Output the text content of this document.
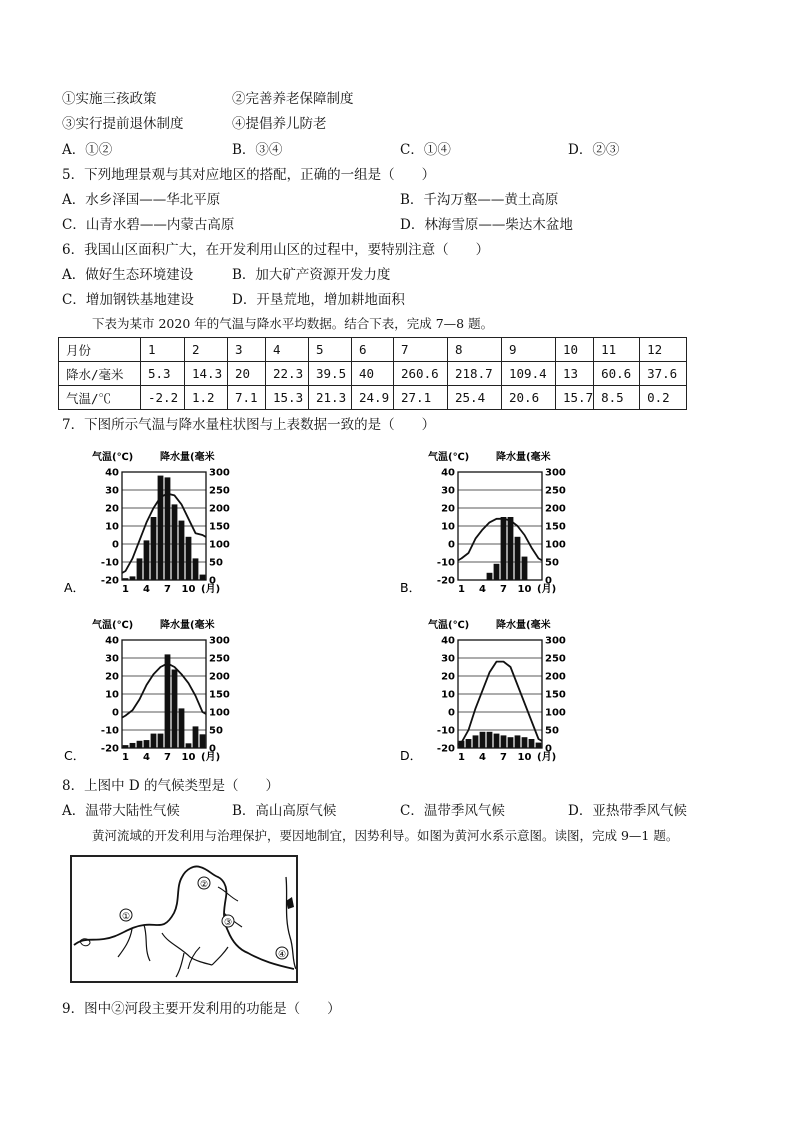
①实施三孩政策	②完善养老保障制度
③实行提前退休制度	④提倡养儿防老
A．①②	B．③④	C．①④	D．②③
5．下列地理景观与其对应地区的搭配，正确的一组是（　　）
A．水乡泽国——华北平原	B．千沟万壑——黄土高原
C．山青水碧——内蒙古高原	D．林海雪原——柴达木盆地
6．我国山区面积广大，在开发利用山区的过程中，要特别注意（　　）
A．做好生态环境建设	B．加大矿产资源开发力度
C．增加钢铁基地建设	D．开垦荒地，增加耕地面积
下表为某市 2020 年的气温与降水平均数据。结合下表，完成 7—8 题。
月份	1	2	3	4	5	6	7	8	9	10	11	12
降水/毫米	5.3	14.3	20	22.3	39.5	40	260.6	218.7	109.4	13	60.6	37.6
气温/℃	-2.2	1.2	7.1	15.3	21.3	24.9	27.1	25.4	20.6	15.7	8.5	0.2
7．下图所示气温与降水量柱状图与上表数据一致的是（　　）
A．
气温(℃)	降水量(毫米
40	300
30	250
20	200
10	150
0	100
-10	50
-20	0
1 4 7 10 (月)	B．
气温(℃)	降水量(毫米
40	300
30	250
20	200
10	150
0	100
-10	50
-20	0
1 4 7 10 (月)
C．
气温(℃)	降水量(毫米
40	300
30	250
20	200
10	150
0	100
-10	50
-20	0
1 4 7 10 (月)	D．
气温(℃)	降水量(毫米
40	300
30	250
20	200
10	150
0	100
-10	50
-20	0
1 4 7 10 (月)
8．上图中 D 的气候类型是（　　）
A．温带大陆性气候	B．高山高原气候	C．温带季风气候	D．亚热带季风气候
黄河流域的开发利用与治理保护，要因地制宜，因势利导。如图为黄河水系示意图。读图，完成 9—1 题。
①
②
③
④
9．图中②河段主要开发利用的功能是（　　）
